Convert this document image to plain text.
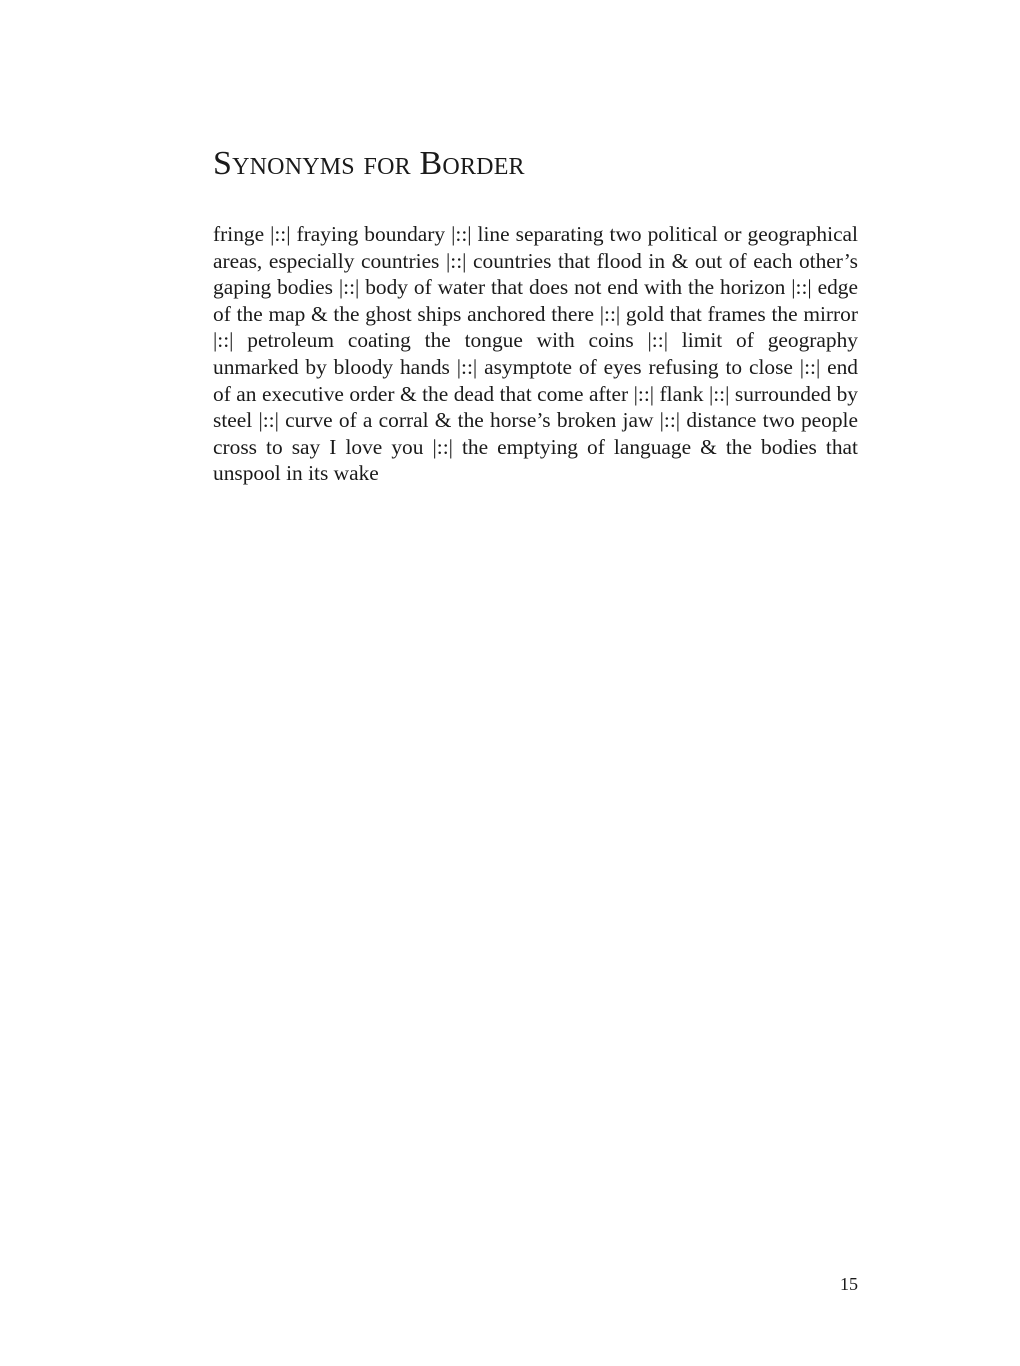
Synonyms for Border

fringe |::| fraying boundary |::| line separating two political or geographical areas, especially countries |::| countries that flood in & out of each other’s gaping bodies |::| body of water that does not end with the horizon |::| edge of the map & the ghost ships anchored there |::| gold that frames the mirror |::| petroleum coating the tongue with coins |::| limit of geography unmarked by bloody hands |::| asymptote of eyes refusing to close |::| end of an executive order & the dead that come after |::| flank |::| surrounded by steel |::| curve of a corral & the horse’s broken jaw |::| distance two people cross to say I love you |::| the emptying of language & the bodies that unspool in its wake

15
